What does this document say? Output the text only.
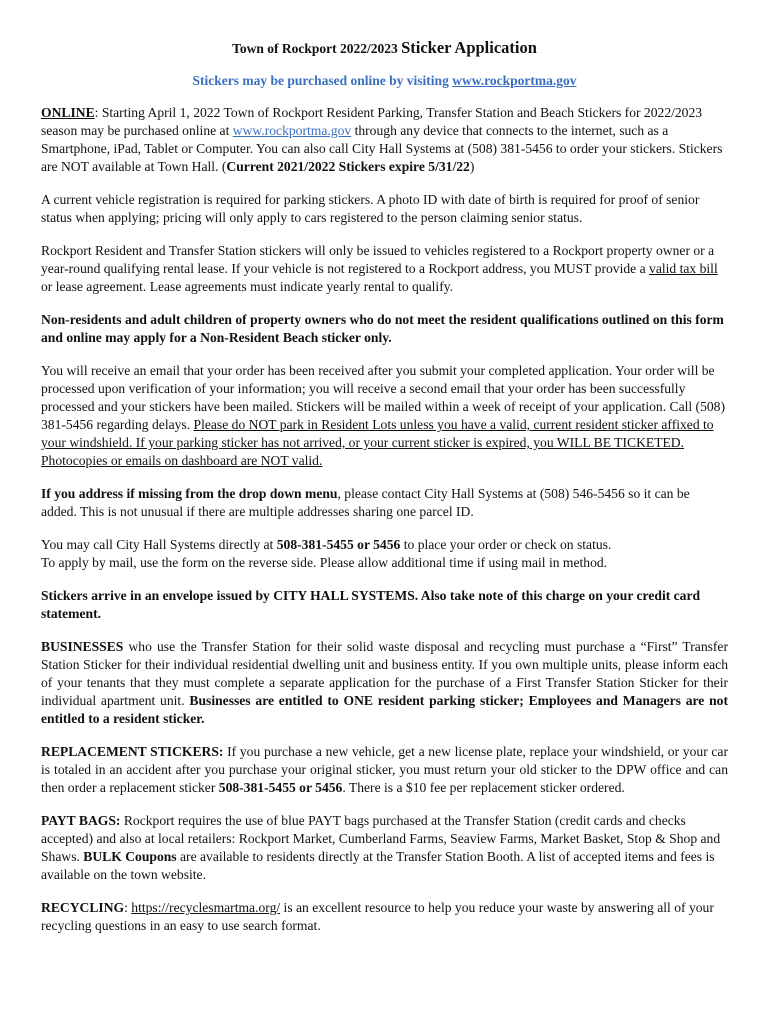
Town of Rockport 2022/2023 Sticker Application
Stickers may be purchased online by visiting www.rockportma.gov

ONLINE: Starting April 1, 2022 Town of Rockport Resident Parking, Transfer Station and Beach Stickers for 2022/2023 season may be purchased online at www.rockportma.gov through any device that connects to the internet, such as a Smartphone, iPad, Tablet or Computer. You can also call City Hall Systems at (508) 381-5456 to order your stickers. Stickers are NOT available at Town Hall. (Current 2021/2022 Stickers expire 5/31/22)

A current vehicle registration is required for parking stickers. A photo ID with date of birth is required for proof of senior status when applying; pricing will only apply to cars registered to the person claiming senior status.

Rockport Resident and Transfer Station stickers will only be issued to vehicles registered to a Rockport property owner or a year-round qualifying rental lease. If your vehicle is not registered to a Rockport address, you MUST provide a valid tax bill or lease agreement. Lease agreements must indicate yearly rental to qualify.

Non-residents and adult children of property owners who do not meet the resident qualifications outlined on this form and online may apply for a Non-Resident Beach sticker only.

You will receive an email that your order has been received after you submit your completed application. Your order will be processed upon verification of your information; you will receive a second email that your order has been successfully processed and your stickers have been mailed. Stickers will be mailed within a week of receipt of your application. Call (508) 381-5456 regarding delays. Please do NOT park in Resident Lots unless you have a valid, current resident sticker affixed to your windshield. If your parking sticker has not arrived, or your current sticker is expired, you WILL BE TICKETED. Photocopies or emails on dashboard are NOT valid.

If you address if missing from the drop down menu, please contact City Hall Systems at (508) 546-5456 so it can be added. This is not unusual if there are multiple addresses sharing one parcel ID.

You may call City Hall Systems directly at 508-381-5455 or 5456 to place your order or check on status.
To apply by mail, use the form on the reverse side. Please allow additional time if using mail in method.

Stickers arrive in an envelope issued by CITY HALL SYSTEMS. Also take note of this charge on your credit card statement.

BUSINESSES who use the Transfer Station for their solid waste disposal and recycling must purchase a “First” Transfer Station Sticker for their individual residential dwelling unit and business entity. If you own multiple units, please inform each of your tenants that they must complete a separate application for the purchase of a First Transfer Station Sticker for their individual apartment unit. Businesses are entitled to ONE resident parking sticker; Employees and Managers are not entitled to a resident sticker.

REPLACEMENT STICKERS: If you purchase a new vehicle, get a new license plate, replace your windshield, or your car is totaled in an accident after you purchase your original sticker, you must return your old sticker to the DPW office and can then order a replacement sticker 508-381-5455 or 5456. There is a $10 fee per replacement sticker ordered.

PAYT BAGS: Rockport requires the use of blue PAYT bags purchased at the Transfer Station (credit cards and checks accepted) and also at local retailers: Rockport Market, Cumberland Farms, Seaview Farms, Market Basket, Stop & Shop and Shaws. BULK Coupons are available to residents directly at the Transfer Station Booth. A list of accepted items and fees is available on the town website.

RECYCLING: https://recyclesmartma.org/ is an excellent resource to help you reduce your waste by answering all of your recycling questions in an easy to use search format.
